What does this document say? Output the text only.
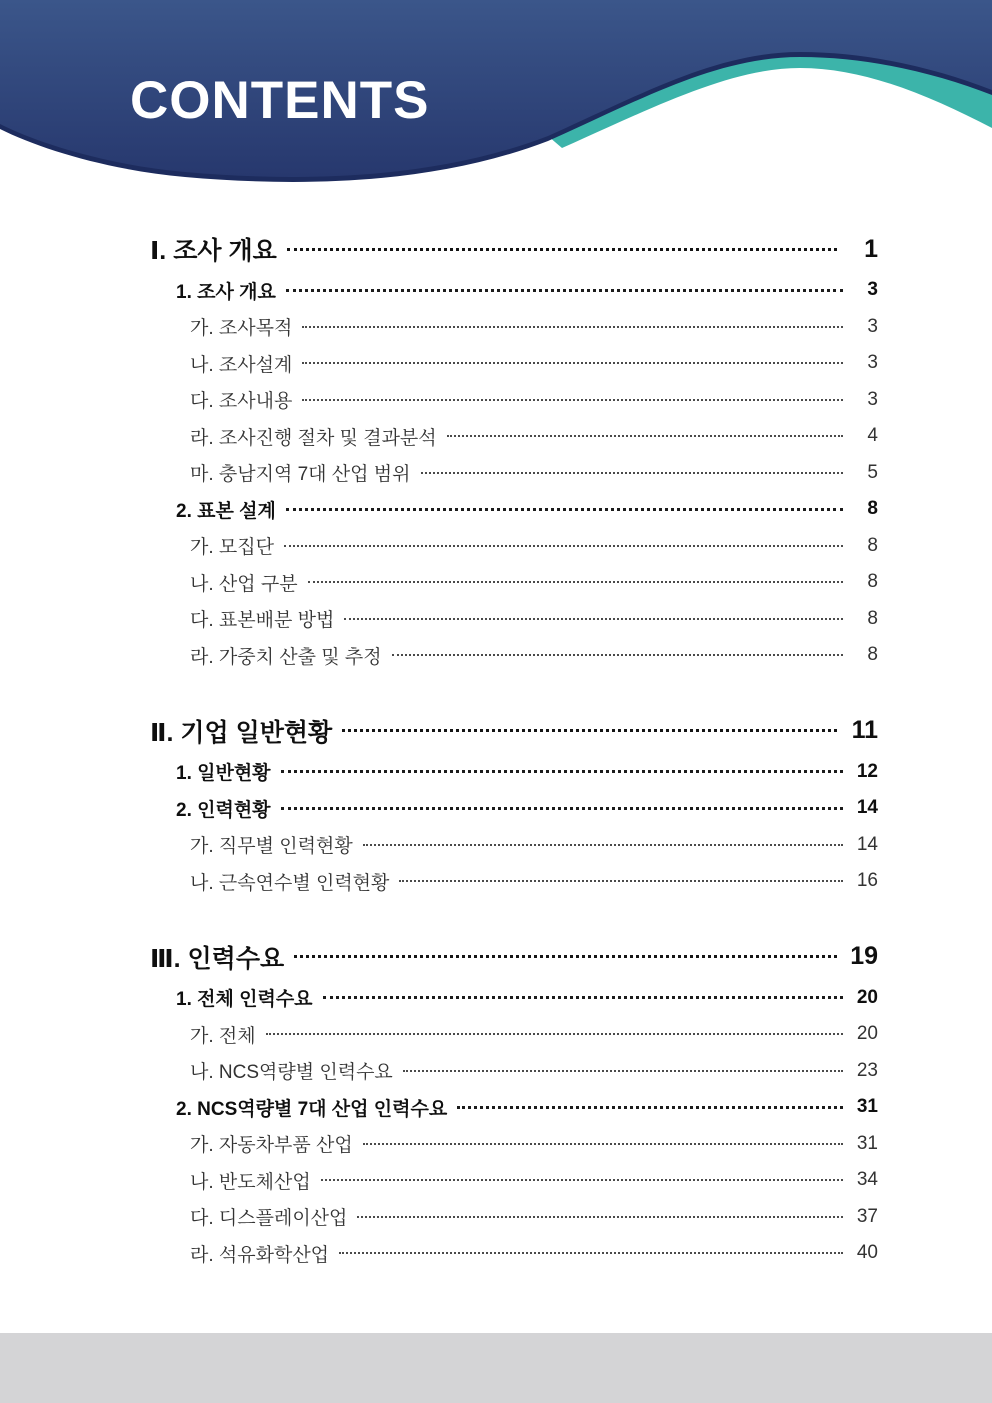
CONTENTS
Ⅰ. 조사 개요	1
1. 조사 개요	3
가. 조사목적	3
나. 조사설계	3
다. 조사내용	3
라. 조사진행 절차 및 결과분석	4
마. 충남지역 7대 산업 범위	5
2. 표본 설계	8
가. 모집단	8
나. 산업 구분	8
다. 표본배분 방법	8
라. 가중치 산출 및 추정	8
Ⅱ. 기업 일반현황	11
1. 일반현황	12
2. 인력현황	14
가. 직무별 인력현황	14
나. 근속연수별 인력현황	16
Ⅲ. 인력수요	19
1. 전체 인력수요	20
가. 전체	20
나. NCS역량별 인력수요	23
2. NCS역량별 7대 산업 인력수요	31
가. 자동차부품 산업	31
나. 반도체산업	34
다. 디스플레이산업	37
라. 석유화학산업	40
